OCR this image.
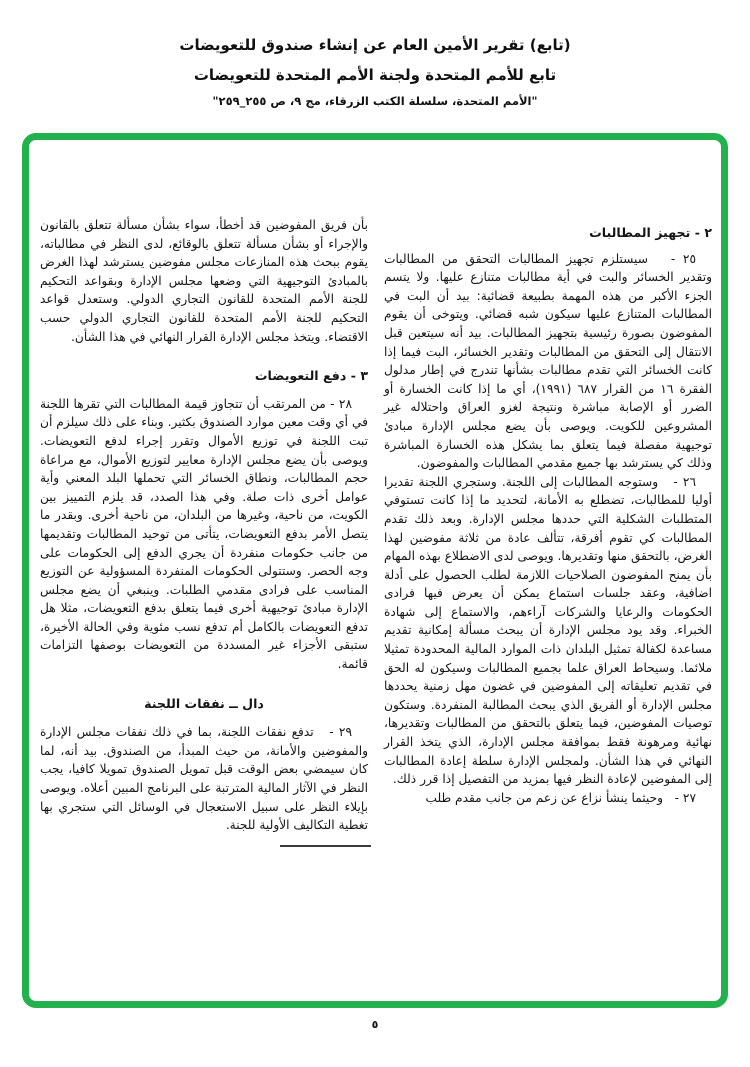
(تابع) تقرير الأمين العام عن إنشاء صندوق للتعويضات
تابع للأمم المتحدة ولجنة الأمم المتحدة للتعويضات
"الأمم المتحدة، سلسلة الكتب الزرقاء، مج ٩، ص ٢٥٥_٢٥٩"
٢ - تجهيز المطالبات

٢٥ -   سيستلزم تجهيز المطالبات التحقق من المطالبات وتقدير الخسائر والبت في أية مطالبات متنازع عليها. ولا يتسم الجزء الأكبر من هذه المهمة بطبيعة قضائية: بيد أن البت في المطالبات المتنازع عليها سيكون شبه قضائي. ويتوخى أن يقوم المفوضون بصورة رئيسية بتجهيز المطالبات. بيد أنه سيتعين قبل الانتقال إلى التحقق من المطالبات وتقدير الخسائر، البت فيما إذا كانت الخسائر التي تقدم مطالبات بشأنها تندرج في إطار مدلول الفقرة ١٦ من القرار ٦٨٧ (١٩٩١)، أي ما إذا كانت الخسارة أو الضرر أو الإصابة مباشرة ونتيجة لغزو العراق واحتلاله غير المشروعين للكويت. ويوصى بأن يضع مجلس الإدارة مبادئ توجيهية مفصلة فيما يتعلق بما يشكل هذه الخسارة المباشرة وذلك كي يسترشد بها جميع مقدمي المطالبات والمفوضون.

٢٦ -   وستوجه المطالبات إلى اللجنة. وستجري اللجنة تقديرا أوليا للمطالبات، تضطلع به الأمانة، لتحديد ما إذا كانت تستوفي المتطلبات الشكلية التي حددها مجلس الإدارة. وبعد ذلك تقدم المطالبات كي تقوم أفرقة، تتألف عادة من ثلاثة مفوضين لهذا الغرض، بالتحقق منها وتقديرها. ويوصى لدى الاضطلاع بهذه المهام بأن يمنح المفوضون الصلاحيات اللازمة لطلب الحصول على أدلة اضافية، وعقد جلسات استماع يمكن أن يعرض فيها فرادى الحكومات والرعايا والشركات آراءهم، والاستماع إلى شهادة الخبراء. وقد يود مجلس الإدارة أن يبحث مسألة إمكانية تقديم مساعدة لكفالة تمثيل البلدان ذات الموارد المالية المحدودة تمثيلا ملائما. وسيحاط العراق علما بجميع المطالبات وسيكون له الحق في تقديم تعليقاته إلى المفوضين في غضون مهل زمنية يحددها مجلس الإدارة أو الفريق الذي يبحث المطالبة المنفردة. وستكون توصيات المفوضين، فيما يتعلق بالتحقق من المطالبات وتقديرها، نهائية ومرهونة فقط بموافقة مجلس الإدارة، الذي يتخذ القرار النهائي في هذا الشأن. ولمجلس الإدارة سلطة إعادة المطالبات إلى المفوضين لإعادة النظر فيها بمزيد من التفصيل إذا قرر ذلك.

٢٧ -   وحيثما ينشأ نزاع عن زعم من جانب مقدم طلب

بأن فريق المفوضين قد أخطأ، سواء بشأن مسألة تتعلق بالقانون والإجراء أو بشأن مسألة تتعلق بالوقائع، لدى النظر في مطالباته، يقوم ببحث هذه المنازعات مجلس مفوضين يسترشد لهذا الغرض بالمبادئ التوجيهية التي وضعها مجلس الإدارة وبقواعد التحكيم للجنة الأمم المتحدة للقانون التجاري الدولي. وستعدل قواعد التحكيم للجنة الأمم المتحدة للقانون التجاري الدولي حسب الاقتضاء. ويتخذ مجلس الإدارة القرار النهائي في هذا الشأن.

٣ - دفع التعويضات

٢٨ - من المرتقب أن تتجاوز قيمة المطالبات التي تقرها اللجنة في أي وقت معين موارد الصندوق بكثير. وبناء على ذلك سيلزم أن تبت اللجنة في توزيع الأموال وتقرر إجراء لدفع التعويضات. ويوصى بأن يضع مجلس الإدارة معايير لتوزيع الأموال، مع مراعاة حجم المطالبات، ونطاق الخسائر التي تحملها البلد المعني وأية عوامل أخرى ذات صلة. وفي هذا الصدد، قد يلزم التمييز بين الكويت، من ناحية، وغيرها من البلدان، من ناحية أخرى. وبقدر ما يتصل الأمر بدفع التعويضات، يتأتى من توحيد المطالبات وتقديمها من جانب حكومات منفردة أن يجري الدفع إلى الحكومات على وجه الحصر. وستتولى الحكومات المنفردة المسؤولية عن التوزيع المناسب على فرادى مقدمي الطلبات. وينبغي أن يضع مجلس الإدارة مبادئ توجيهية أخرى فيما يتعلق بدفع التعويضات، مثلا هل تدفع التعويضات بالكامل أم تدفع نسب مئوية وفي الحالة الأخيرة، ستبقى الأجزاء غير المسددة من التعويضات بوصفها التزامات قائمة.

دال ــ نفقات اللجنة

٢٩ -   تدفع نفقات اللجنة، بما في ذلك نفقات مجلس الإدارة والمفوضين والأمانة، من حيث المبدأ، من الصندوق. بيد أنه، لما كان سيمضي بعض الوقت قبل تمويل الصندوق تمويلا كافيا، يجب النظر في الآثار المالية المترتبة على البرنامج المبين أعلاه. ويوصى بإيلاء النظر على سبيل الاستعجال في الوسائل التي ستجري بها تغطية التكاليف الأولية للجنة.

٥
